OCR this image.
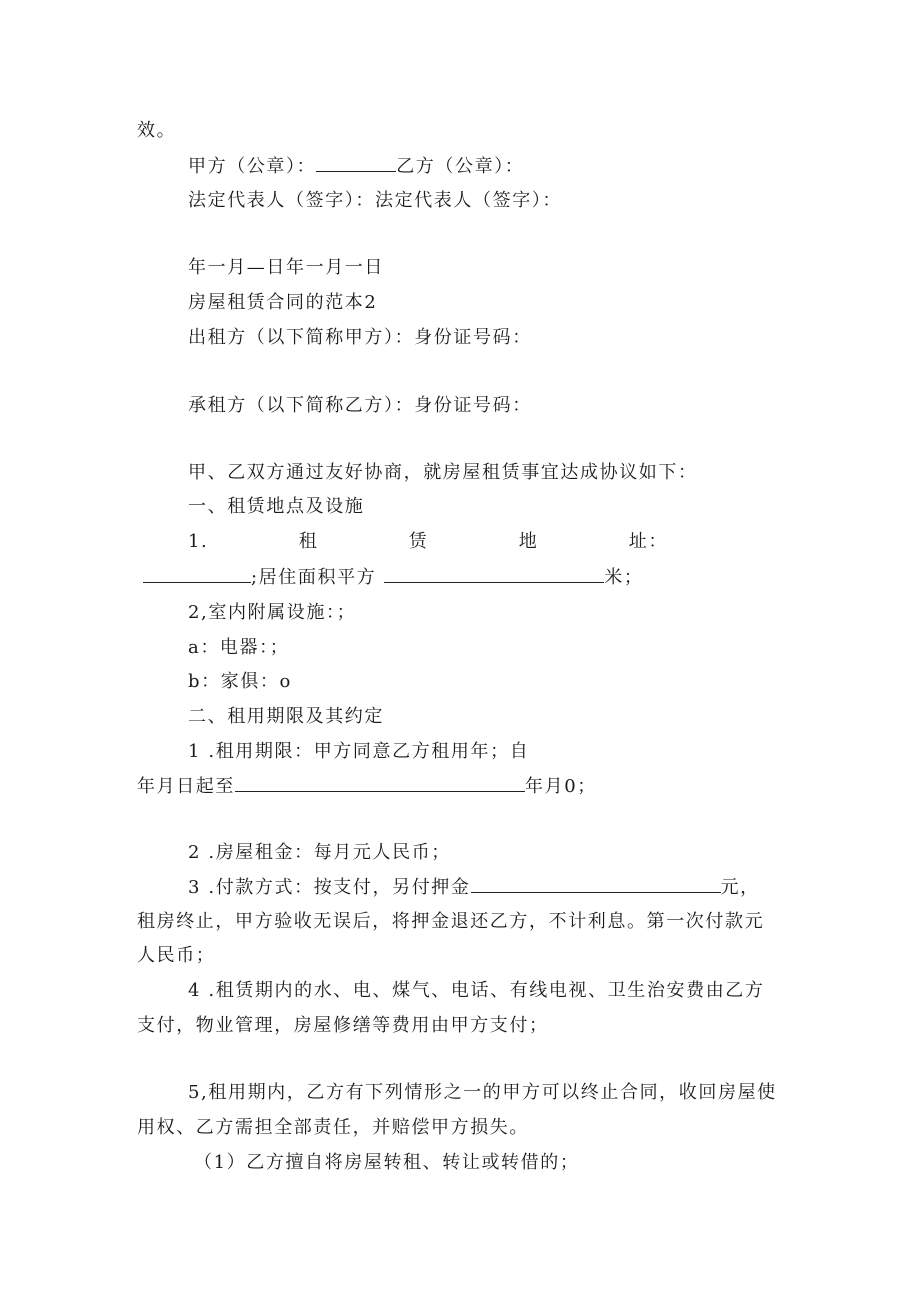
效。
甲方（公章）：	乙方（公章）：
法定代表人（签字）：法定代表人（签字）：
年一月—日年一月一日
房屋租赁合同的范本2
出租方（以下简称甲方）：身份证号码：
承租方（以下简称乙方）：身份证号码：
甲、乙双方通过友好协商，就房屋租赁事宜达成协议如下：
一、租赁地点及设施
1.	租	赁	地	址：
;居住面积平方	米；
2,室内附属设施：；
a：电器：；
b：家俱：o
二、租用期限及其约定
1 .租用期限：甲方同意乙方租用年；自
年月日起至	年月0；
2 .房屋租金：每月元人民币；
3 .付款方式：按支付，另付押金	元，
租房终止，甲方验收无误后，将押金退还乙方，不计利息。第一次付款元
人民币；
4 .租赁期内的水、电、煤气、电话、有线电视、卫生治安费由乙方
支付，物业管理，房屋修缮等费用由甲方支付；
5,租用期内，乙方有下列情形之一的甲方可以终止合同，收回房屋使
用权、乙方需担全部责任，并赔偿甲方损失。
（1）乙方擅自将房屋转租、转让或转借的；
